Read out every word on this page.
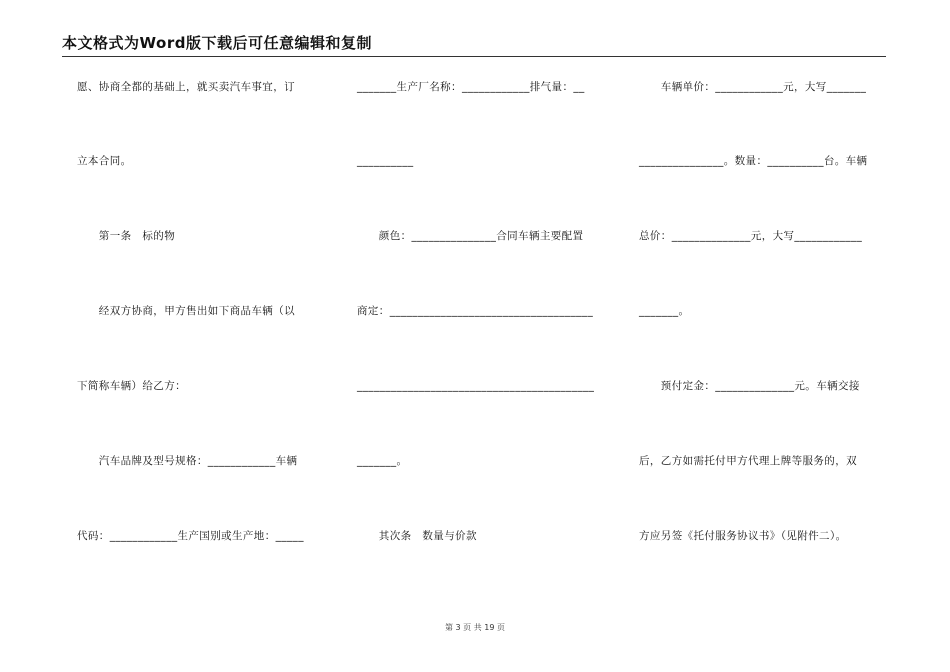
本文格式为Word版下载后可任意编辑和复制
愿、协商全都的基础上，就买卖汽车事宜，订
立本合同。
　　第一条　标的物
　　经双方协商，甲方售出如下商品车辆（以
下简称车辆）给乙方：
　　汽车品牌及型号规格：____________车辆
代码：____________生产国别或生产地：_____
_______生产厂名称：____________排气量：__
__________
　　颜色：_______________合同车辆主要配置
商定：____________________________________
__________________________________________
_______。
　　其次条　数量与价款
　　车辆单价：____________元，大写_______
_______________。数量：__________台。车辆
总价：______________元，大写____________
_______。
　　预付定金：______________元。车辆交接
后，乙方如需托付甲方代理上牌等服务的，双
方应另签《托付服务协议书》（见附件二）。
第 3 页 共 19 页
